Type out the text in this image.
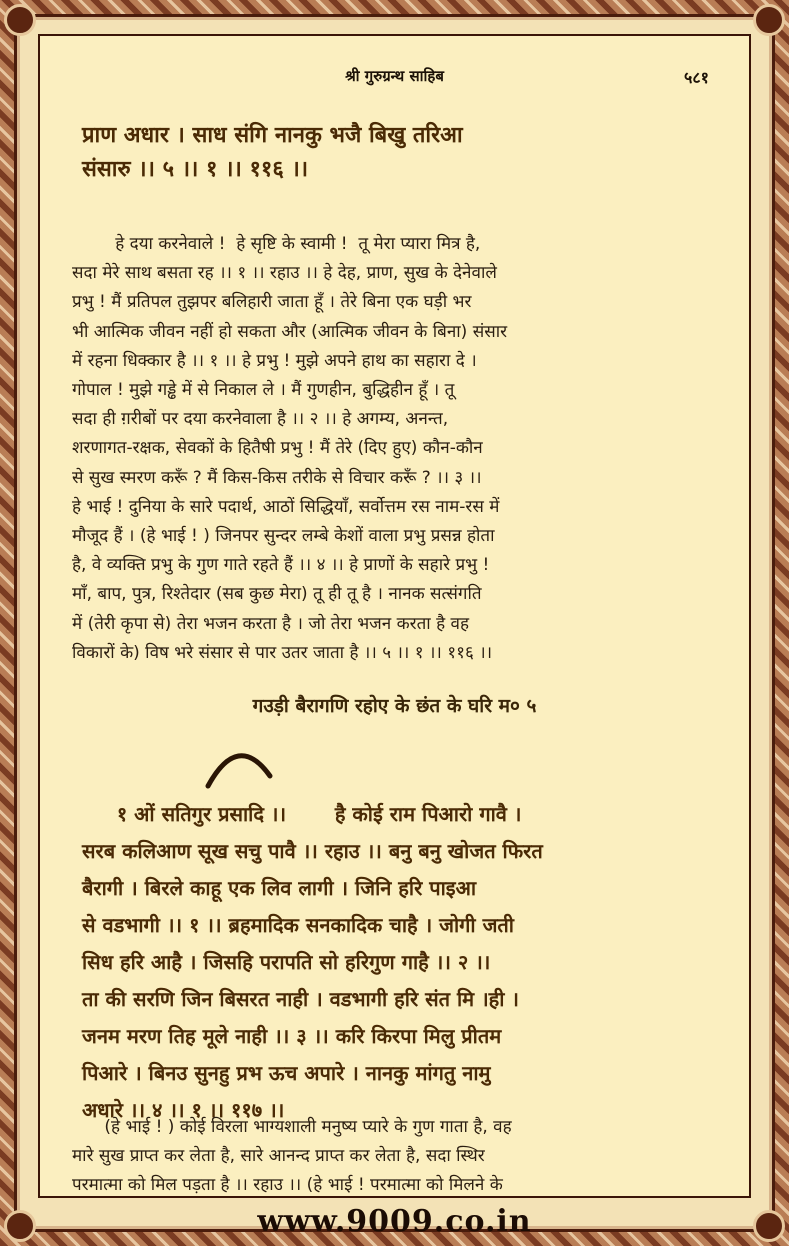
श्री गुरुग्रन्थ साहिब	५८१
प्राण अधार । साध संगि नानकु भजै बिखु तरिआ
संसारु ।। ५ ।। १ ।। ११६ ।।
हे दया करनेवाले !  हे सृष्टि के स्वामी !  तू मेरा प्यारा मित्र है,
सदा मेरे साथ बसता रह ।। १ ।। रहाउ ।। हे देह, प्राण, सुख के देनेवाले
प्रभु ! मैं प्रतिपल तुझपर बलिहारी जाता हूँ । तेरे बिना एक घड़ी भर
भी आत्मिक जीवन नहीं हो सकता और (आत्मिक जीवन के बिना) संसार
में रहना धिक्कार है ।। १ ।। हे प्रभु ! मुझे अपने हाथ का सहारा दे ।
गोपाल ! मुझे गड्ढे में से निकाल ले । मैं गुणहीन, बुद्धिहीन हूँ । तू
सदा ही ग़रीबों पर दया करनेवाला है ।। २ ।। हे अगम्य, अनन्त,
शरणागत-रक्षक, सेवकों के हितैषी प्रभु ! मैं तेरे (दिए हुए) कौन-कौन
से सुख स्मरण करूँ ? मैं किस-किस तरीके से विचार करूँ ? ।। ३ ।।
हे भाई ! दुनिया के सारे पदार्थ, आठों सिद्धियाँ, सर्वोत्तम रस नाम-रस में
मौजूद हैं । (हे भाई ! ) जिनपर सुन्दर लम्बे केशों वाला प्रभु प्रसन्न होता
है, वे व्यक्ति प्रभु के गुण गाते रहते हैं ।। ४ ।। हे प्राणों के सहारे प्रभु !
माँ, बाप, पुत्र, रिश्तेदार (सब कुछ मेरा) तू ही तू है । नानक सत्संगति
में (तेरी कृपा से) तेरा भजन करता है । जो तेरा भजन करता है वह
विकारों के) विष भरे संसार से पार उतर जाता है ।। ५ ।। १ ।। ११६ ।।
गउड़ी बैरागणि रहोए के छंत के घरि म० ५
१ ओं सतिगुर प्रसादि ।।       है कोई राम पिआरो गावै ।
सरब कलिआण सूख सचु पावै ।। रहाउ ।। बनु बनु खोजत फिरत
बैरागी । बिरले काहू एक लिव लागी । जिनि हरि पाइआ
से वडभागी ।। १ ।। ब्रहमादिक सनकादिक चाहै । जोगी जती
सिध हरि आहै । जिसहि परापति सो हरिगुण गाहै ।। २ ।।
ता की सरणि जिन बिसरत नाही । वडभागी हरि संत मि ।ही ।
जनम मरण तिह मूले नाही ।। ३ ।। करि किरपा मिलु प्रीतम
पिआरे । बिनउ सुनहु प्रभ ऊच अपारे । नानकु मांगतु नामु
अधारे ।। ४ ।। १ ।। ११७ ।।
(हे भाई ! ) कोई विरला भाग्यशाली मनुष्य प्यारे के गुण गाता है, वह
मारे सुख प्राप्त कर लेता है, सारे आनन्द प्राप्त कर लेता है, सदा स्थिर
परमात्मा को मिल पड़ता है ।। रहाउ ।। (हे भाई ! परमात्मा को मिलने के
www.9009.co.in
